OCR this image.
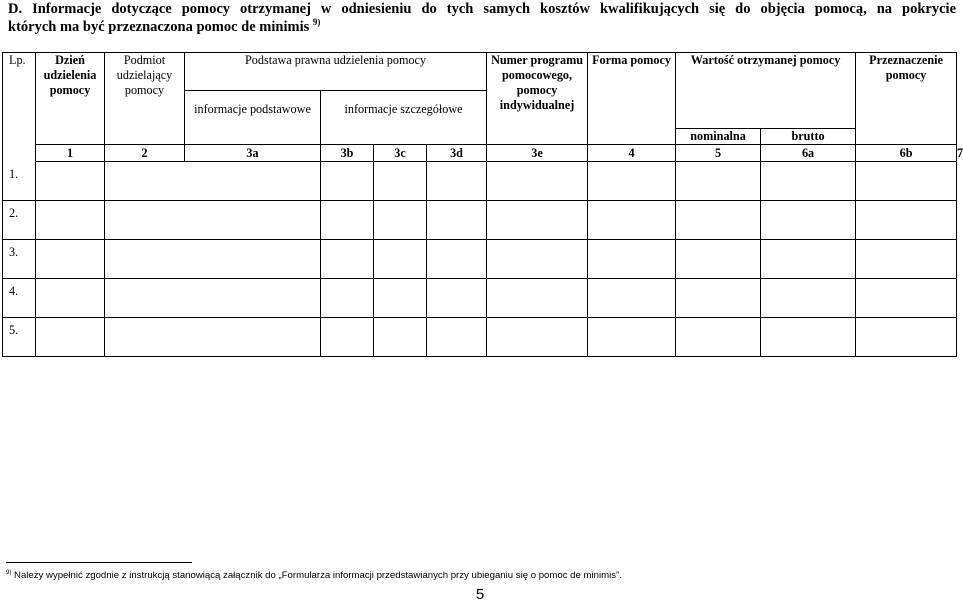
D. Informacje dotyczące pomocy otrzymanej w odniesieniu do tych samych kosztów kwalifikujących się do objęcia pomocą, na pokrycie
których ma być przeznaczona pomoc de minimis $^{9)}$
Lp.	Dzień udzielenia pomocy	Podmiot udzielający pomocy	Podstawa prawna udzielenia pomocy				Numer programu pomocowego, pomocy indywidualnej	Forma pomocy	Wartość otrzymanej pomocy		Przeznaczenie pomocy	
			informacje podstawowe	informacje szczegółowe								
									nominalna	brutto		
	1	2	3a	3b	3c	3d	3e	4	5	6a	6b	7
1.												
2.												
3.												
4.												
5.												
$^{9)}$ Należy wypełnić zgodnie z instrukcją stanowiącą załącznik do „Formularza informacji przedstawianych przy ubieganiu się o pomoc de minimis”.
5
